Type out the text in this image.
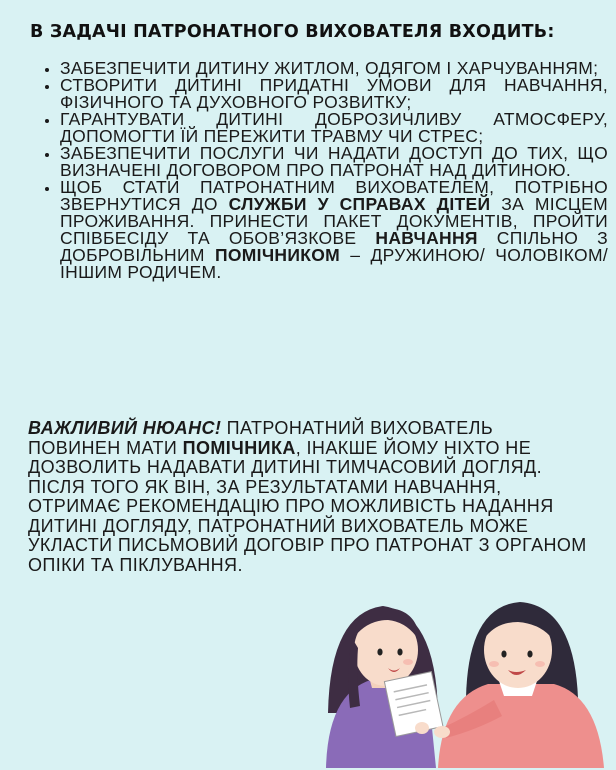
В ЗАДАЧІ ПАТРОНАТНОГО ВИХОВАТЕЛЯ ВХОДИТЬ:
• ЗАБЕЗПЕЧИТИ ДИТИНУ ЖИТЛОМ, ОДЯГОМ І ХАРЧУВАННЯМ;
• СТВОРИТИ ДИТИНІ ПРИДАТНІ УМОВИ ДЛЯ НАВЧАННЯ, ФІЗИЧНОГО ТА ДУХОВНОГО РОЗВИТКУ;
• ГАРАНТУВАТИ ДИТИНІ ДОБРОЗИЧЛИВУ АТМОСФЕРУ, ДОПОМОГТИ ЇЙ ПЕРЕЖИТИ ТРАВМУ ЧИ СТРЕС;
• ЗАБЕЗПЕЧИТИ ПОСЛУГИ ЧИ НАДАТИ ДОСТУП ДО ТИХ, ЩО ВИЗНАЧЕНІ ДОГОВОРОМ ПРО ПАТРОНАТ НАД ДИТИНОЮ.
• ЩОБ СТАТИ ПАТРОНАТНИМ ВИХОВАТЕЛЕМ, ПОТРІБНО ЗВЕРНУТИСЯ ДО СЛУЖБИ У СПРАВАХ ДІТЕЙ ЗА МІСЦЕМ ПРОЖИВАННЯ. ПРИНЕСТИ ПАКЕТ ДОКУМЕНТІВ, ПРОЙТИ СПІВБЕСІДУ ТА ОБОВ’ЯЗКОВЕ НАВЧАННЯ СПІЛЬНО З ДОБРОВІЛЬНИМ ПОМІЧНИКОМ – ДРУЖИНОЮ/ ЧОЛОВІКОМ/ІНШИМ РОДИЧЕМ.
ВАЖЛИВИЙ НЮАНС! ПАТРОНАТНИЙ ВИХОВАТЕЛЬ ПОВИНЕН МАТИ ПОМІЧНИКА, ІНАКШЕ ЙОМУ НІХТО НЕ ДОЗВОЛИТЬ НАДАВАТИ ДИТИНІ ТИМЧАСОВИЙ ДОГЛЯД. ПІСЛЯ ТОГО ЯК ВІН, ЗА РЕЗУЛЬТАТАМИ НАВЧАННЯ, ОТРИМАЄ РЕКОМЕНДАЦІЮ ПРО МОЖЛИВІСТЬ НАДАННЯ ДИТИНІ ДОГЛЯДУ, ПАТРОНАТНИЙ ВИХОВАТЕЛЬ МОЖЕ УКЛАСТИ ПИСЬМОВИЙ ДОГОВІР ПРО ПАТРОНАТ З ОРГАНОМ ОПІКИ ТА ПІКЛУВАННЯ.
